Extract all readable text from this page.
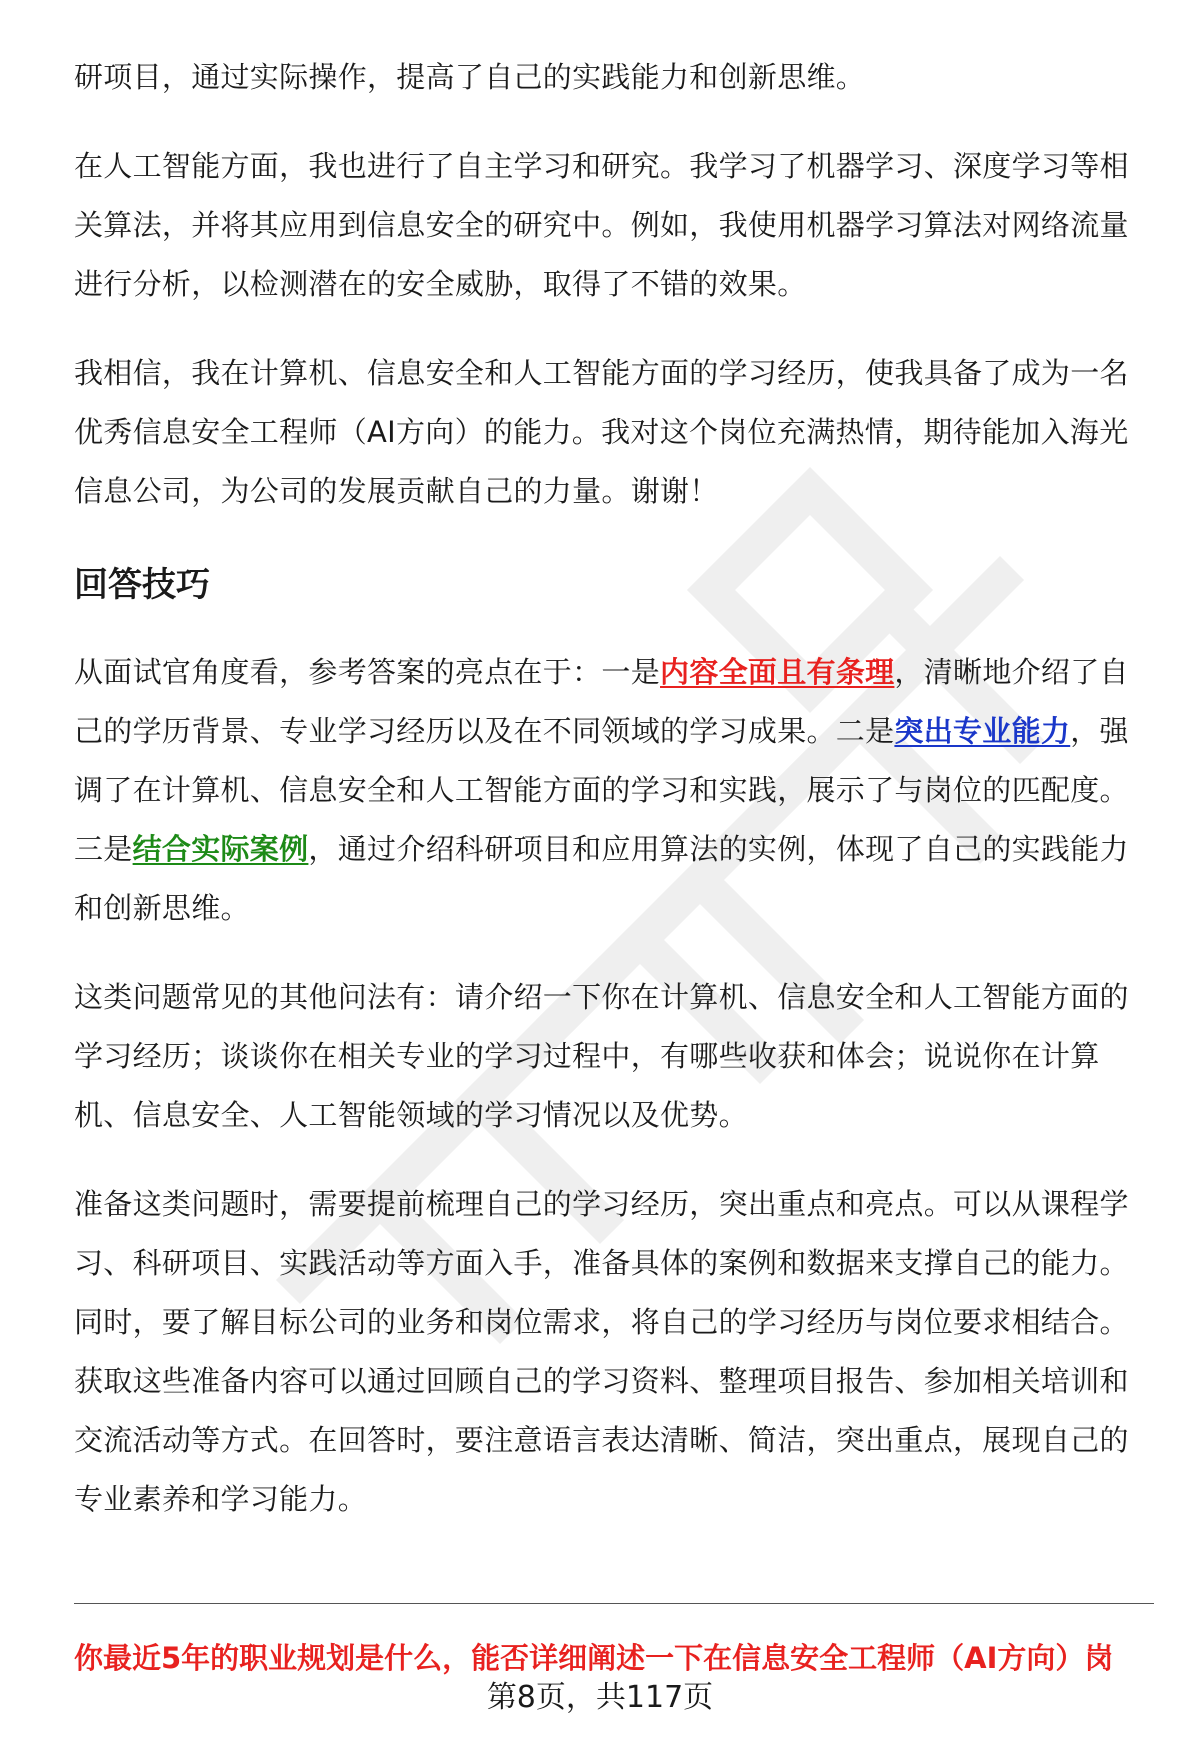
研项目，通过实际操作，提高了自己的实践能力和创新思维。

在人工智能方面，我也进行了自主学习和研究。我学习了机器学习、深度学习等相关算法，并将其应用到信息安全的研究中。例如，我使用机器学习算法对网络流量进行分析，以检测潜在的安全威胁，取得了不错的效果。

我相信，我在计算机、信息安全和人工智能方面的学习经历，使我具备了成为一名优秀信息安全工程师（AI方向）的能力。我对这个岗位充满热情，期待能加入海光信息公司，为公司的发展贡献自己的力量。谢谢！

回答技巧

从面试官角度看，参考答案的亮点在于：一是内容全面且有条理，清晰地介绍了自己的学历背景、专业学习经历以及在不同领域的学习成果。二是突出专业能力，强调了在计算机、信息安全和人工智能方面的学习和实践，展示了与岗位的匹配度。三是结合实际案例，通过介绍科研项目和应用算法的实例，体现了自己的实践能力和创新思维。

这类问题常见的其他问法有：请介绍一下你在计算机、信息安全和人工智能方面的学习经历；谈谈你在相关专业的学习过程中，有哪些收获和体会；说说你在计算机、信息安全、人工智能领域的学习情况以及优势。

准备这类问题时，需要提前梳理自己的学习经历，突出重点和亮点。可以从课程学习、科研项目、实践活动等方面入手，准备具体的案例和数据来支撑自己的能力。同时，要了解目标公司的业务和岗位需求，将自己的学习经历与岗位要求相结合。获取这些准备内容可以通过回顾自己的学习资料、整理项目报告、参加相关培训和交流活动等方式。在回答时，要注意语言表达清晰、简洁，突出重点，展现自己的专业素养和学习能力。

你最近5年的职业规划是什么，能否详细阐述一下在信息安全工程师（AI方向）岗
第8页，共117页
